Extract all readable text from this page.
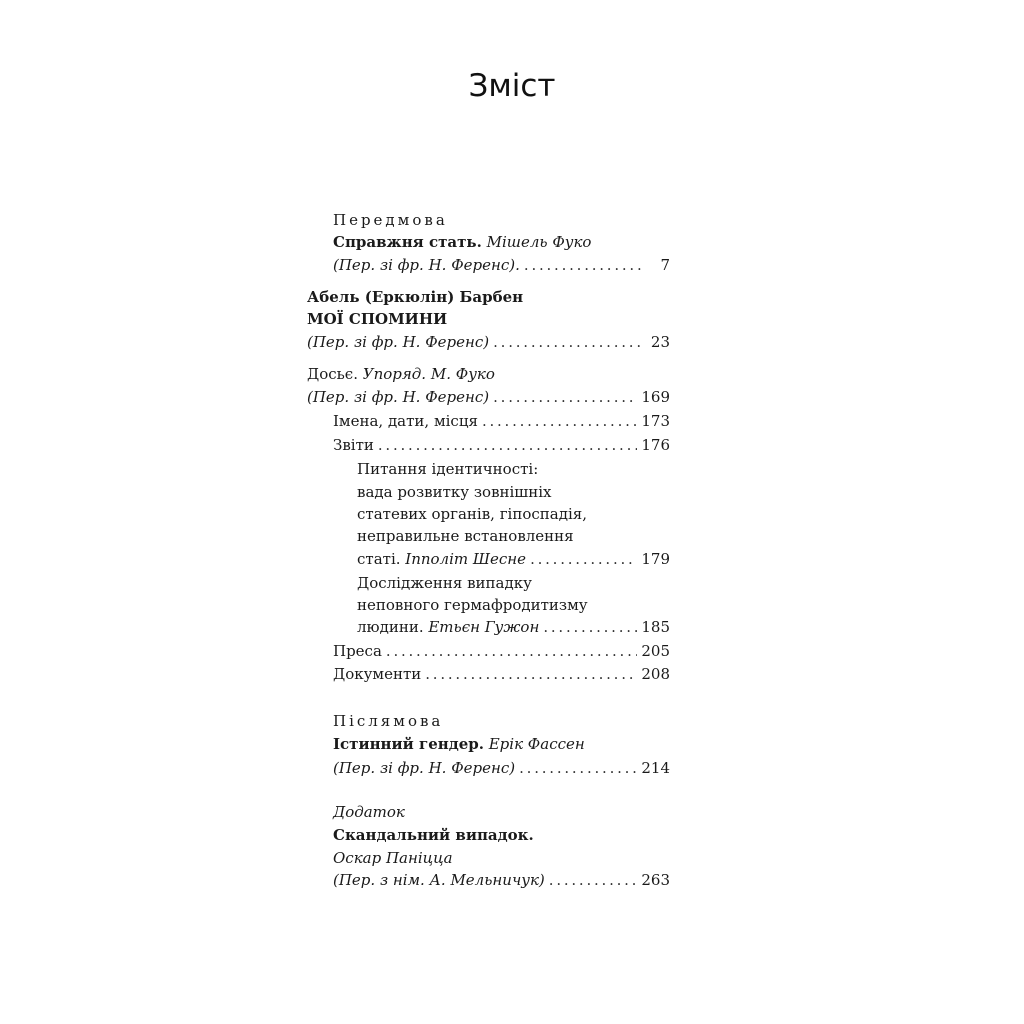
Зміст
Передмова
Справжня стать. Мішель Фуко
(Пер. зі фр. Н. Ференс). . . .	7
Абель (Еркюлін) Барбен
МОЇ СПОМИНИ
(Пер. зі фр. Н. Ференс) . . .	23
Досьє. Упоряд. М. Фуко
(Пер. зі фр. Н. Ференс) . . .	169
Імена, дати, місця . . .	173
Звіти . . .	176
Питання ідентичності:
вада розвитку зовнішніх
статевих органів, гіпоспадія,
неправильне встановлення
статі. Іпполіт Шесне . . .	179
Дослідження випадку
неповного гермафродитизму
людини. Етьєн Гужон . . .	185
Преса . . .	205
Документи . . .	208
Післямова
Істинний гендер. Ерік Фассен
(Пер. зі фр. Н. Ференс) . . .	214
Додаток
Скандальний випадок.
Оскар Паніцца
(Пер. з нім. А. Мельничук) . . .	263
